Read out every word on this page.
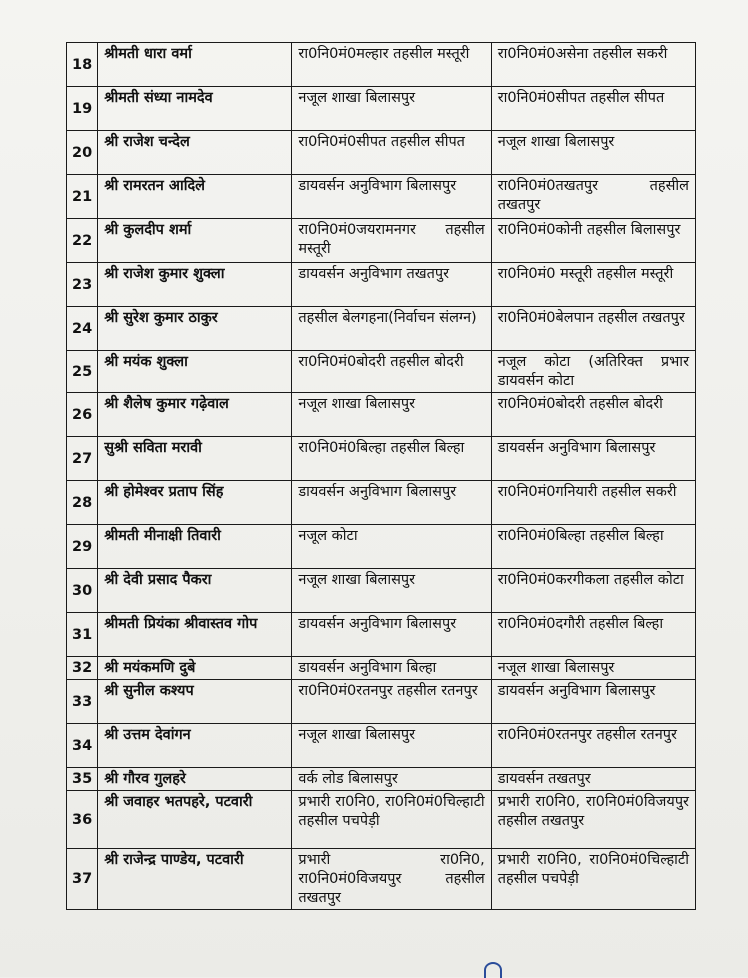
18	श्रीमती धारा वर्मा	रा0नि0मं0मल्हार तहसील मस्तूरी	रा0नि0मं0असेना तहसील सकरी
19	श्रीमती संध्या नामदेव	नजूल शाखा बिलासपुर	रा0नि0मं0सीपत तहसील सीपत
20	श्री राजेश चन्देल	रा0नि0मं0सीपत तहसील सीपत	नजूल शाखा बिलासपुर
21	श्री रामरतन आदिले	डायवर्सन अनुविभाग बिलासपुर	रा0नि0मं0तखतपुर तहसील तखतपुर
22	श्री कुलदीप शर्मा	रा0नि0मं0जयरामनगर तहसील मस्तूरी	रा0नि0मं0कोनी तहसील बिलासपुर
23	श्री राजेश कुमार शुक्ला	डायवर्सन अनुविभाग तखतपुर	रा0नि0मं0 मस्तूरी तहसील मस्तूरी
24	श्री सुरेश कुमार ठाकुर	तहसील बेलगहना(निर्वाचन संलग्न)	रा0नि0मं0बेलपान तहसील तखतपुर
25	श्री मयंक शुक्ला	रा0नि0मं0बोदरी तहसील बोदरी	नजूल कोटा (अतिरिक्त प्रभार डायवर्सन कोटा
26	श्री शैलेष कुमार गढ़ेवाल	नजूल शाखा बिलासपुर	रा0नि0मं0बोदरी तहसील बोदरी
27	सुश्री सविता मरावी	रा0नि0मं0बिल्हा तहसील बिल्हा	डायवर्सन अनुविभाग बिलासपुर
28	श्री होमेश्वर प्रताप सिंह	डायवर्सन अनुविभाग बिलासपुर	रा0नि0मं0गनियारी तहसील सकरी
29	श्रीमती मीनाक्षी तिवारी	नजूल कोटा	रा0नि0मं0बिल्हा तहसील बिल्हा
30	श्री देवी प्रसाद पैकरा	नजूल शाखा बिलासपुर	रा0नि0मं0करगीकला तहसील कोटा
31	श्रीमती प्रियंका श्रीवास्तव गोप	डायवर्सन अनुविभाग बिलासपुर	रा0नि0मं0दगौरी तहसील बिल्हा
32	श्री मयंकमणि दुबे	डायवर्सन अनुविभाग बिल्हा	नजूल शाखा बिलासपुर
33	श्री सुनील कश्यप	रा0नि0मं0रतनपुर तहसील रतनपुर	डायवर्सन अनुविभाग बिलासपुर
34	श्री उत्तम देवांगन	नजूल शाखा बिलासपुर	रा0नि0मं0रतनपुर तहसील रतनपुर
35	श्री गौरव गुलहरे	वर्क लोड बिलासपुर	डायवर्सन तखतपुर
36	श्री जवाहर भतपहरे, पटवारी	प्रभारी रा0नि0, रा0नि0मं0चिल्हाटी तहसील पचपेड़ी	प्रभारी रा0नि0, रा0नि0मं0विजयपुर तहसील तखतपुर
37	श्री राजेन्द्र पाण्डेय, पटवारी	प्रभारी रा0नि0, रा0नि0मं0विजयपुर तहसील तखतपुर	प्रभारी रा0नि0, रा0नि0मं0चिल्हाटी तहसील पचपेड़ी
